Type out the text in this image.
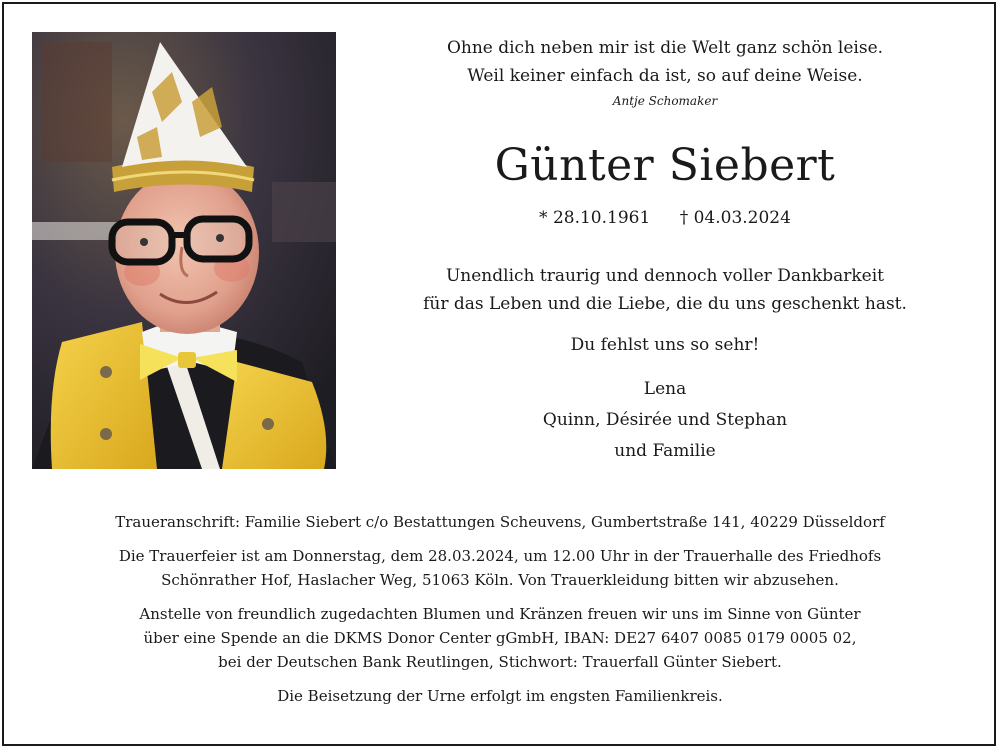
Ohne dich neben mir ist die Welt ganz schön leise.
Weil keiner einfach da ist, so auf deine Weise.
Antje Schomaker
Günter Siebert
* 28.10.1961 † 04.03.2024
Unendlich traurig und dennoch voller Dankbarkeit
für das Leben und die Liebe, die du uns geschenkt hast.
Du fehlst uns so sehr!
Lena
Quinn, Désirée und Stephan
und Familie
Traueranschrift: Familie Siebert c/o Bestattungen Scheuvens, Gumbertstraße 141, 40229 Düsseldorf
Die Trauerfeier ist am Donnerstag, dem 28.03.2024, um 12.00 Uhr in der Trauerhalle des Friedhofs
Schönrather Hof, Haslacher Weg, 51063 Köln. Von Trauerkleidung bitten wir abzusehen.
Anstelle von freundlich zugedachten Blumen und Kränzen freuen wir uns im Sinne von Günter
über eine Spende an die DKMS Donor Center gGmbH, IBAN: DE27 6407 0085 0179 0005 02,
bei der Deutschen Bank Reutlingen, Stichwort: Trauerfall Günter Siebert.
Die Beisetzung der Urne erfolgt im engsten Familienkreis.
